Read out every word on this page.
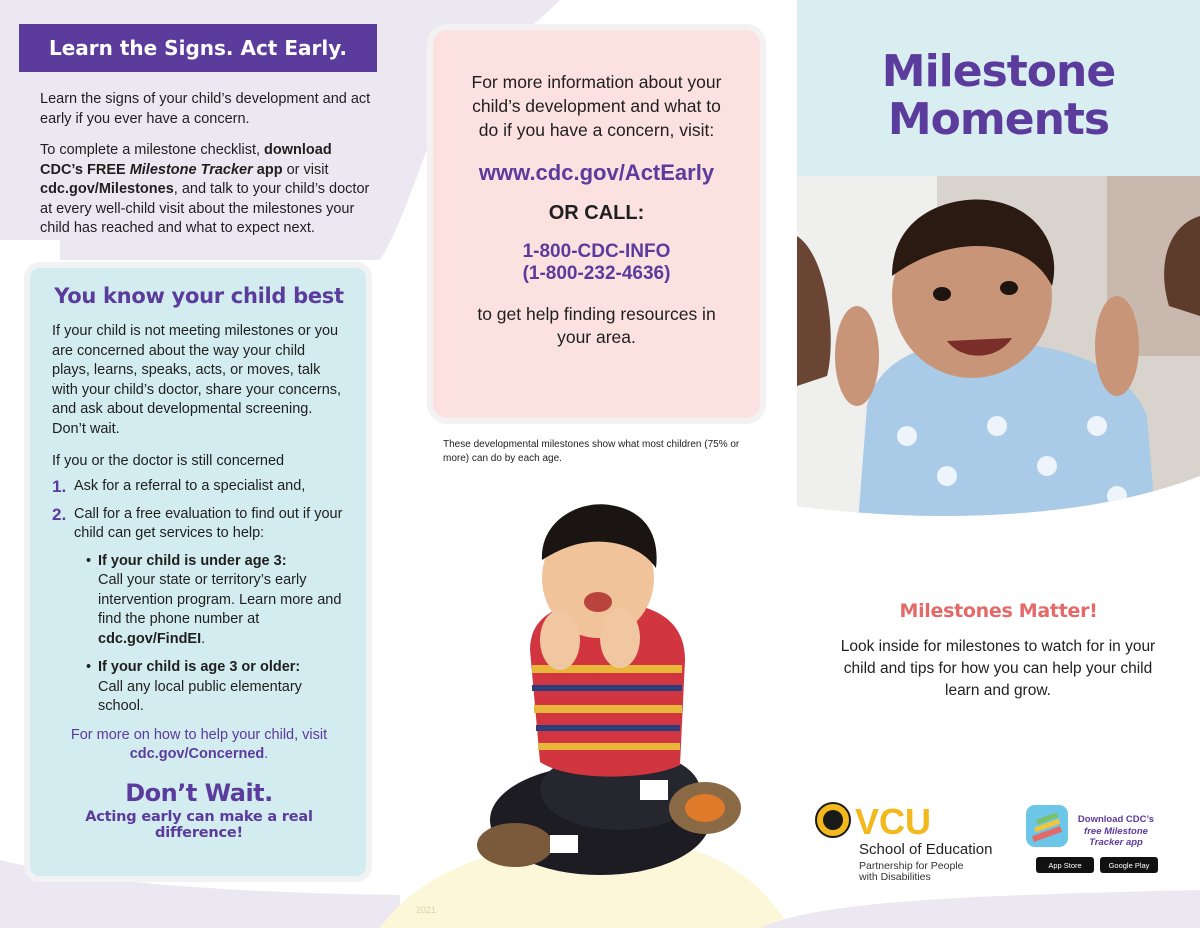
Learn the Signs. Act Early.

Learn the signs of your child’s development and act early if you ever have a concern.

To complete a milestone checklist, download CDC’s FREE Milestone Tracker app or visit cdc.gov/Milestones, and talk to your child’s doctor at every well-child visit about the milestones your child has reached and what to expect next.

You know your child best
If your child is not meeting milestones or you are concerned about the way your child plays, learns, speaks, acts, or moves, talk with your child’s doctor, share your concerns, and ask about developmental screening. Don’t wait.
If you or the doctor is still concerned
1. Ask for a referral to a specialist and,
2. Call for a free evaluation to find out if your child can get services to help:
• If your child is under age 3:
Call your state or territory’s early intervention program. Learn more and find the phone number at
cdc.gov/FindEI.
• If your child is age 3 or older:
Call any local public elementary school.
For more on how to help your child, visit
cdc.gov/Concerned.
Don’t Wait.
Acting early can make a real difference!
For more information about your child’s development and what to do if you have a concern, visit:
www.cdc.gov/ActEarly
OR CALL:
1-800-CDC-INFO
(1-800-232-4636)
to get help finding resources in your area.
These developmental milestones show what most children (75% or more) can do by each age.
2021
Milestone
Moments
Milestones Matter!
Look inside for milestones to watch for in your child and tips for how you can help your child learn and grow.
VCU
School of Education
Partnership for People
with Disabilities
App Store	Google Play
Download CDC’s
free Milestone
Tracker app
